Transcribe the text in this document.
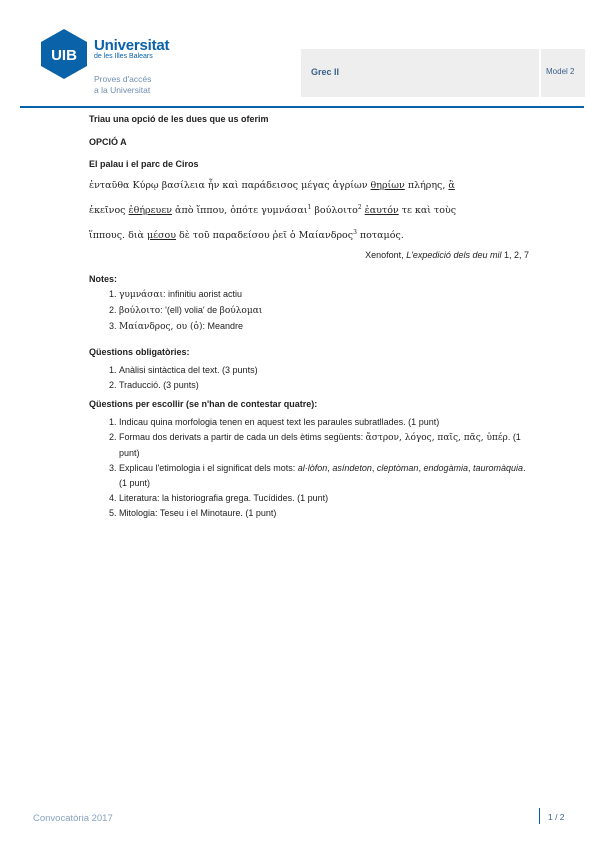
UIB
Universitat
de les Illes Balears
Proves d'accés
a la Universitat
Grec II	Model 2

Triau una opció de les dues que us oferim

OPCIÓ A

El palau i el parc de Ciros

ἐνταῦθα Κύρῳ βασίλεια ἦν καὶ παράδεισος μέγας ἀγρίων θηρίων πλήρης, ἃ
ἐκεῖνος ἐθήρευεν ἀπὸ ἵππου, ὁπότε γυμνάσαι$^1$ βούλοιτο$^2$ ἑαυτόν τε καὶ τοὺς
ἵππους. διὰ μέσου δὲ τοῦ παραδείσου ῥεῖ ὁ Μαίανδρος$^3$ ποταμός.

Xenofont, L'expedició dels deu mil 1, 2, 7

Notes:

1. γυμνάσαι: infinitiu aorist actiu
2. βούλοιτο: '(ell) volia' de βούλομαι
3. Μαίανδρος, ου (ὁ): Meandre

Qüestions obligatòries:

1. Anàlisi sintàctica del text. (3 punts)
2. Traducció. (3 punts)

Qüestions per escollir (se n'han de contestar quatre):

1. Indicau quina morfologia tenen en aquest text les paraules subratllades. (1 punt)
2. Formau dos derivats a partir de cada un dels ètims següents: ἄστρον, λόγος, παῖς, πᾶς, ὑπέρ. (1 punt)
3. Explicau l'etimologia i el significat dels mots: al·lòfon, asíndeton, cleptòman, endogàmia, tauromàquia. (1 punt)
4. Literatura: la historiografia grega. Tucídides. (1 punt)
5. Mitologia: Teseu i el Minotaure. (1 punt)
Convocatòria 2017	1 / 2
